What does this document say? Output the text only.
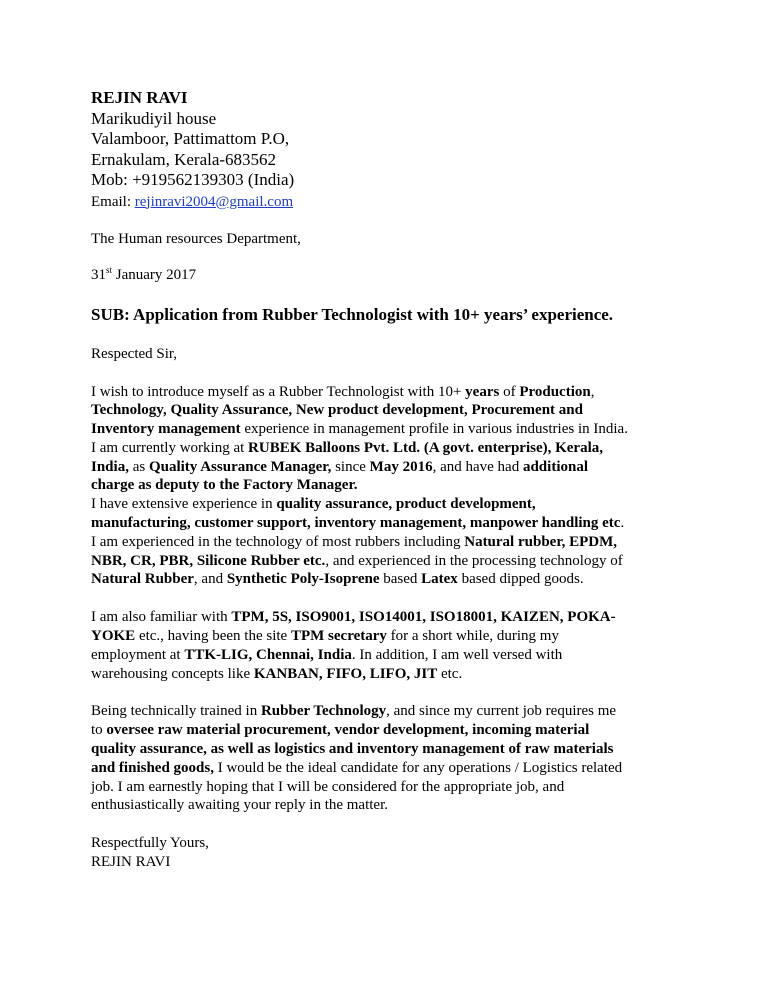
REJIN RAVI
Marikudiyil house
Valamboor, Pattimattom P.O,
Ernakulam, Kerala-683562
Mob: +919562139303 (India)
Email: rejinravi2004@gmail.com

The Human resources Department,

31st January 2017

SUB: Application from Rubber Technologist with 10+ years’ experience.

Respected Sir,

I wish to introduce myself as a Rubber Technologist with 10+ years of Production,

Technology, Quality Assurance, New product development, Procurement and

Inventory management experience in management profile in various industries in India.

I am currently working at RUBEK Balloons Pvt. Ltd. (A govt. enterprise), Kerala,

India, as Quality Assurance Manager, since May 2016, and have had additional

charge as deputy to the Factory Manager.

I have extensive experience in quality assurance, product development,

manufacturing, customer support, inventory management, manpower handling etc.

I am experienced in the technology of most rubbers including Natural rubber, EPDM,

NBR, CR, PBR, Silicone Rubber etc., and experienced in the processing technology of

Natural Rubber, and Synthetic Poly-Isoprene based Latex based dipped goods.

I am also familiar with TPM, 5S, ISO9001, ISO14001, ISO18001, KAIZEN, POKA-

YOKE etc., having been the site TPM secretary for a short while, during my

employment at TTK-LIG, Chennai, India. In addition, I am well versed with

warehousing concepts like KANBAN, FIFO, LIFO, JIT etc.

Being technically trained in Rubber Technology, and since my current job requires me

to oversee raw material procurement, vendor development, incoming material

quality assurance, as well as logistics and inventory management of raw materials

and finished goods, I would be the ideal candidate for any operations / Logistics related

job. I am earnestly hoping that I will be considered for the appropriate job, and

enthusiastically awaiting your reply in the matter.

Respectfully Yours,

REJIN RAVI
